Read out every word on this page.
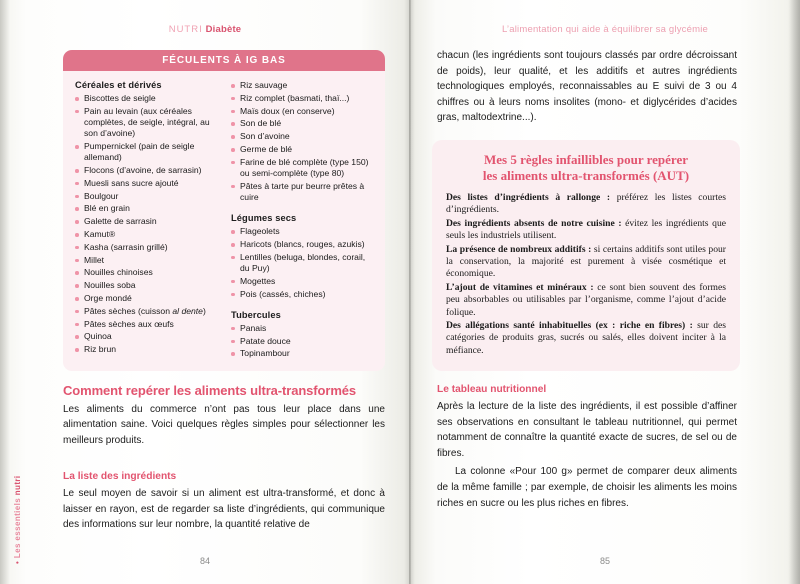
NUTRI Diabète
• Les essentiels nutri
FÉCULENTS À IG BAS
Céréales et dérivés
Biscottes de seigle
Pain au levain (aux céréales complètes, de seigle, intégral, au son d’avoine)
Pumpernickel (pain de seigle allemand)
Flocons (d’avoine, de sarrasin)
Muesli sans sucre ajouté
Boulgour
Blé en grain
Galette de sarrasin
Kamut®
Kasha (sarrasin grillé)
Millet
Nouilles chinoises
Nouilles soba
Orge mondé
Pâtes sèches (cuisson al dente)
Pâtes sèches aux œufs
Quinoa
Riz brun
Riz sauvage
Riz complet (basmati, thaï...)
Maïs doux (en conserve)
Son de blé
Son d’avoine
Germe de blé
Farine de blé complète (type 150) ou semi-complète (type 80)
Pâtes à tarte pur beurre prêtes à cuire
Légumes secs
Flageolets
Haricots (blancs, rouges, azukis)
Lentilles (beluga, blondes, corail, du Puy)
Mogettes
Pois (cassés, chiches)
Tubercules
Panais
Patate douce
Topinambour
Comment repérer les aliments ultra-transformés

Les aliments du commerce n’ont pas tous leur place dans une alimentation saine. Voici quelques règles simples pour sélectionner les meilleurs produits.

La liste des ingrédients

Le seul moyen de savoir si un aliment est ultra-transformé, et donc à laisser en rayon, est de regarder sa liste d’ingrédients, qui communique des informations sur leur nombre, la quantité relative de

84
L’alimentation qui aide à équilibrer sa glycémie

chacun (les ingrédients sont toujours classés par ordre décroissant de poids), leur qualité, et les additifs et autres ingrédients technologiques employés, reconnaissables au E suivi de 3 ou 4 chiffres ou à leurs noms insolites (mono- et diglycérides d’acides gras, maltodextrine...).

Mes 5 règles infaillibles pour repérer
les aliments ultra-transformés (AUT)
Des listes d’ingrédients à rallonge : préférez les listes courtes d’ingrédients.
Des ingrédients absents de notre cuisine : évitez les ingrédients que seuls les industriels utilisent.
La présence de nombreux additifs : si certains additifs sont utiles pour la conservation, la majorité est purement à visée cosmétique et économique.
L’ajout de vitamines et minéraux : ce sont bien souvent des formes peu absorbables ou utilisables par l’organisme, comme l’ajout d’acide folique.
Des allégations santé inhabituelles (ex : riche en fibres) : sur des catégories de produits gras, sucrés ou salés, elles doivent inciter à la méfiance.
Le tableau nutritionnel

Après la lecture de la liste des ingrédients, il est possible d’affiner ses observations en consultant le tableau nutritionnel, qui permet notamment de connaître la quantité exacte de sucres, de sel ou de fibres.

La colonne «Pour 100 g» permet de comparer deux aliments de la même famille ; par exemple, de choisir les aliments les moins riches en sucre ou les plus riches en fibres.

85
